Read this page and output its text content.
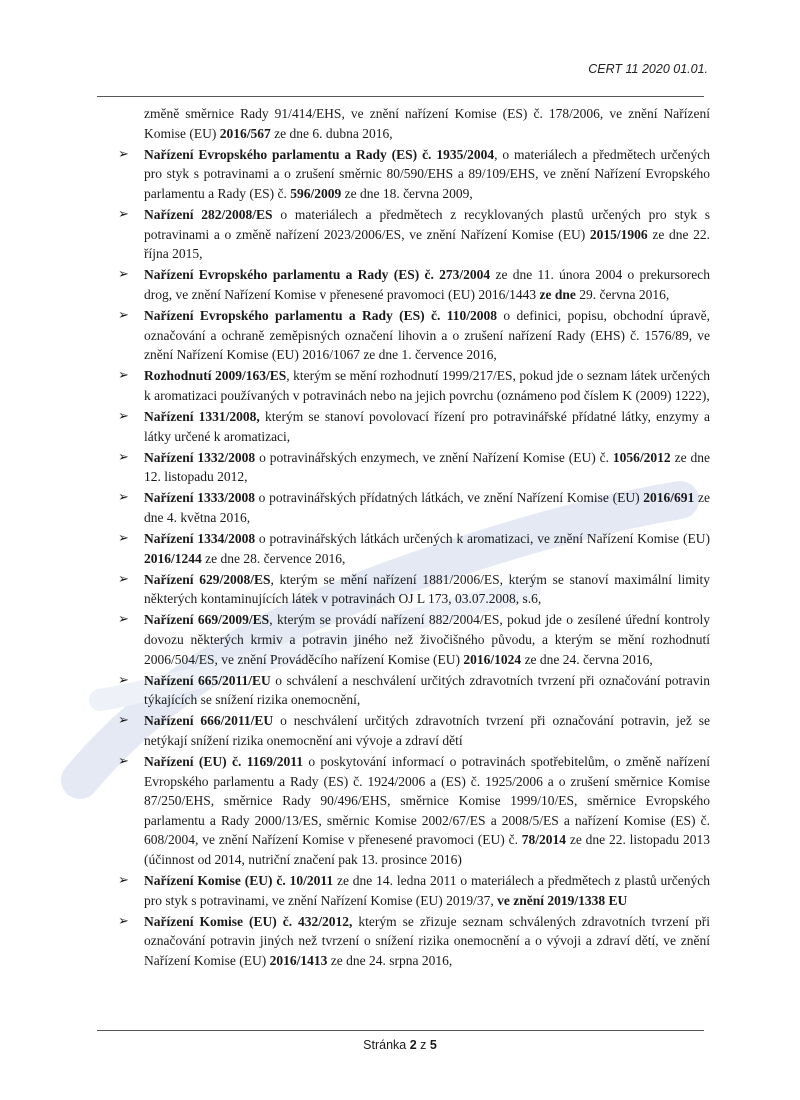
CERT 11 2020 01.01.

změně směrnice Rady 91/414/EHS, ve znění nařízení Komise (ES) č. 178/2006, ve znění Nařízení Komise (EU) 2016/567 ze dne 6. dubna 2016,

➢ Nařízení Evropského parlamentu a Rady (ES) č. 1935/2004, o materiálech a předmětech určených pro styk s potravinami a o zrušení směrnic 80/590/EHS a 89/109/EHS, ve znění Nařízení Evropského parlamentu a Rady (ES) č. 596/2009 ze dne 18. června 2009,

➢ Nařízení 282/2008/ES o materiálech a předmětech z recyklovaných plastů určených pro styk s potravinami a o změně nařízení 2023/2006/ES, ve znění Nařízení Komise (EU) 2015/1906 ze dne 22. října 2015,

➢ Nařízení Evropského parlamentu a Rady (ES) č. 273/2004 ze dne 11. února 2004 o prekursorech drog, ve znění Nařízení Komise v přenesené pravomoci (EU) 2016/1443 ze dne 29. června 2016,

➢ Nařízení Evropského parlamentu a Rady (ES) č. 110/2008 o definici, popisu, obchodní úpravě, označování a ochraně zeměpisných označení lihovin a o zrušení nařízení Rady (EHS) č. 1576/89, ve znění Nařízení Komise (EU) 2016/1067 ze dne 1. července 2016,

➢ Rozhodnutí 2009/163/ES, kterým se mění rozhodnutí 1999/217/ES, pokud jde o seznam látek určených k aromatizaci používaných v potravinách nebo na jejich povrchu (oznámeno pod číslem K (2009) 1222),

➢ Nařízení 1331/2008, kterým se stanoví povolovací řízení pro potravinářské přídatné látky, enzymy a látky určené k aromatizaci,

➢ Nařízení 1332/2008 o potravinářských enzymech, ve znění Nařízení Komise (EU) č. 1056/2012 ze dne 12. listopadu 2012,

➢ Nařízení 1333/2008 o potravinářských přídatných látkách, ve znění Nařízení Komise (EU) 2016/691 ze dne 4. května 2016,

➢ Nařízení 1334/2008 o potravinářských látkách určených k aromatizaci, ve znění Nařízení Komise (EU) 2016/1244 ze dne 28. července 2016,

➢ Nařízení 629/2008/ES, kterým se mění nařízení 1881/2006/ES, kterým se stanoví maximální limity některých kontaminujících látek v potravinách OJ L 173, 03.07.2008, s.6,

➢ Nařízení 669/2009/ES, kterým se provádí nařízení 882/2004/ES, pokud jde o zesílené úřední kontroly dovozu některých krmiv a potravin jiného než živočišného původu, a kterým se mění rozhodnutí 2006/504/ES, ve znění Prováděcího nařízení Komise (EU) 2016/1024 ze dne 24. června 2016,

➢ Nařízení 665/2011/EU o schválení a neschválení určitých zdravotních tvrzení při označování potravin týkajících se snížení rizika onemocnění,

➢ Nařízení 666/2011/EU o neschválení určitých zdravotních tvrzení při označování potravin, jež se netýkají snížení rizika onemocnění ani vývoje a zdraví dětí

➢ Nařízení (EU) č. 1169/2011 o poskytování informací o potravinách spotřebitelům, o změně nařízení Evropského parlamentu a Rady (ES) č. 1924/2006 a (ES) č. 1925/2006 a o zrušení směrnice Komise 87/250/EHS, směrnice Rady 90/496/EHS, směrnice Komise 1999/10/ES, směrnice Evropského parlamentu a Rady 2000/13/ES, směrnic Komise 2002/67/ES a 2008/5/ES a nařízení Komise (ES) č. 608/2004, ve znění Nařízení Komise v přenesené pravomoci (EU) č. 78/2014 ze dne 22. listopadu 2013 (účinnost od 2014, nutriční značení pak 13. prosince 2016)

➢ Nařízení Komise (EU) č. 10/2011 ze dne 14. ledna 2011 o materiálech a předmětech z plastů určených pro styk s potravinami, ve znění Nařízení Komise (EU) 2019/37, ve znění 2019/1338 EU

➢ Nařízení Komise (EU) č. 432/2012, kterým se zřizuje seznam schválených zdravotních tvrzení při označování potravin jiných než tvrzení o snížení rizika onemocnění a o vývoji a zdraví dětí, ve znění Nařízení Komise (EU) 2016/1413 ze dne 24. srpna 2016,

Stránka 2 z 5
